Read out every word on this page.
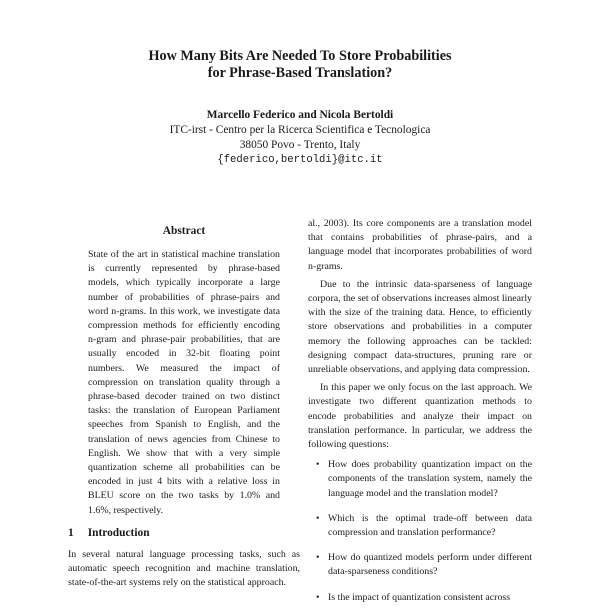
How Many Bits Are Needed To Store Probabilities
for Phrase-Based Translation?
Marcello Federico and Nicola Bertoldi
ITC-irst - Centro per la Ricerca Scientifica e Tecnologica
38050 Povo - Trento, Italy
{federico,bertoldi}@itc.it
Abstract
State of the art in statistical machine translation is currently represented by phrase-based models, which typically incorporate a large number of probabilities of phrase-pairs and word n-grams. In this work, we investigate data compression methods for efficiently encoding n-gram and phrase-pair probabilities, that are usually encoded in 32-bit floating point numbers. We measured the impact of compression on translation quality through a phrase-based decoder trained on two distinct tasks: the translation of European Parliament speeches from Spanish to English, and the translation of news agencies from Chinese to English. We show that with a very simple quantization scheme all probabilities can be encoded in just 4 bits with a relative loss in BLEU score on the two tasks by 1.0% and 1.6%, respectively.
1 Introduction

In several natural language processing tasks, such as automatic speech recognition and machine translation, state-of-the-art systems rely on the statistical approach.

al., 2003). Its core components are a translation model that contains probabilities of phrase-pairs, and a language model that incorporates probabilities of word n-grams.

Due to the intrinsic data-sparseness of language corpora, the set of observations increases almost linearly with the size of the training data. Hence, to efficiently store observations and probabilities in a computer memory the following approaches can be tackled: designing compact data-structures, pruning rare or unreliable observations, and applying data compression.

In this paper we only focus on the last approach. We investigate two different quantization methods to encode probabilities and analyze their impact on translation performance. In particular, we address the following questions:

• How does probability quantization impact on the components of the translation system, namely the language model and the translation model?
• Which is the optimal trade-off between data compression and translation performance?
• How do quantized models perform under different data-sparseness conditions?
• Is the impact of quantization consistent across
